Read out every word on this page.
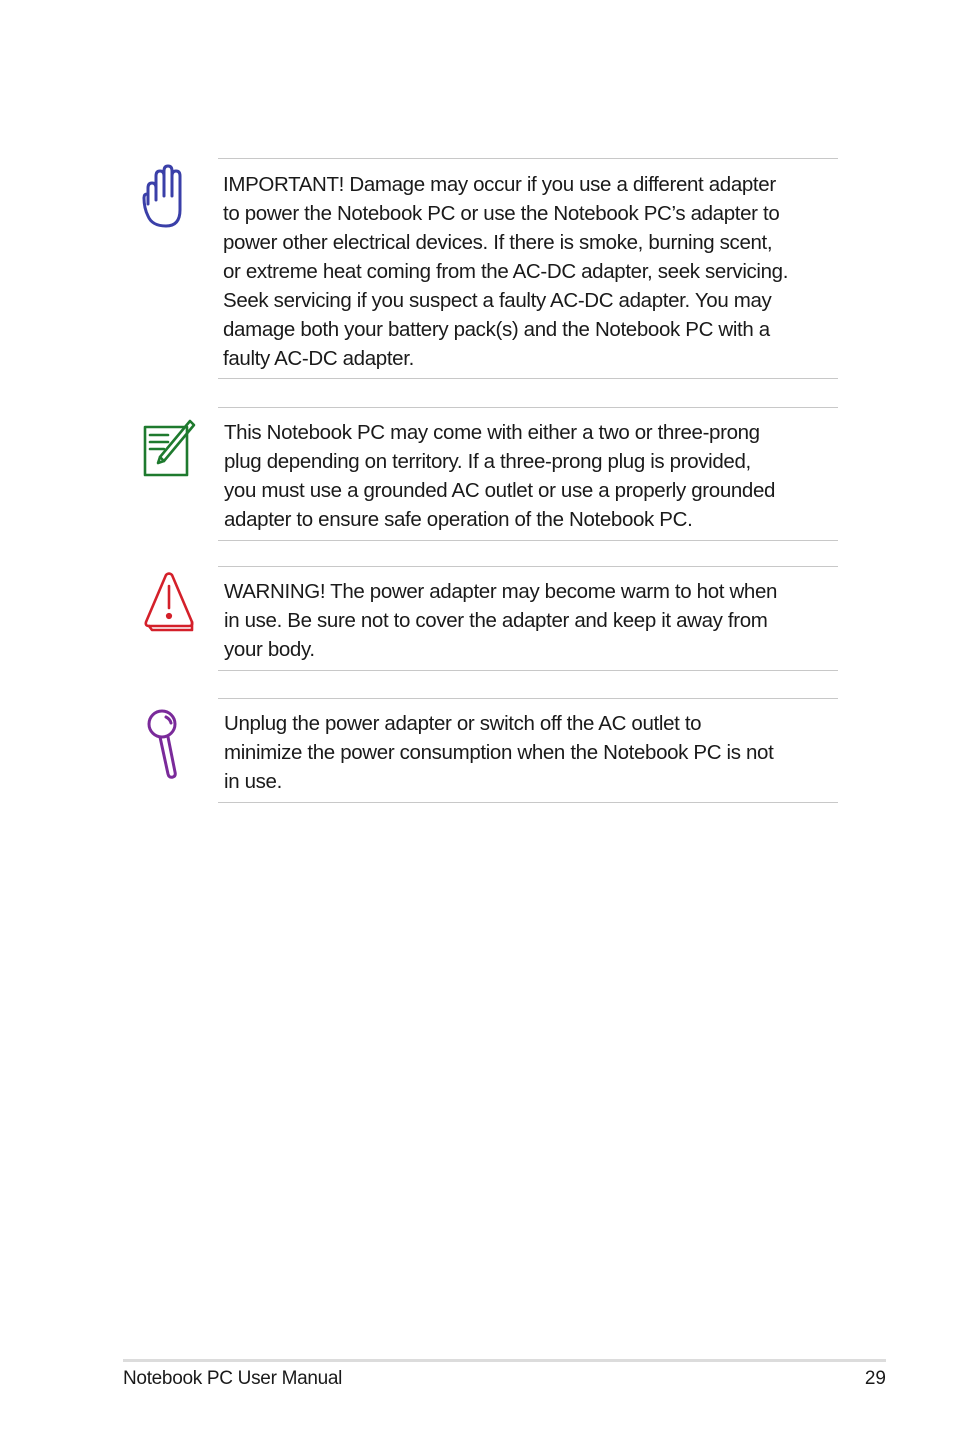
IMPORTANT! Damage may occur if you use a different adapter
to power the Notebook PC or use the Notebook PC’s adapter to
power other electrical devices. If there is smoke, burning scent,
or extreme heat coming from the AC-DC adapter, seek servicing.
Seek servicing if you suspect a faulty AC-DC adapter. You may
damage both your battery pack(s) and the Notebook PC with a
faulty AC-DC adapter.
This Notebook PC may come with either a two or three-prong
plug depending on territory. If a three-prong plug is provided,
you must use a grounded AC outlet or use a properly grounded
adapter to ensure safe operation of the Notebook PC.
WARNING! The power adapter may become warm to hot when
in use. Be sure not to cover the adapter and keep it away from
your body.
Unplug the power adapter or switch off the AC outlet to
minimize the power consumption when the Notebook PC is not
in use.
Notebook PC User Manual	29
